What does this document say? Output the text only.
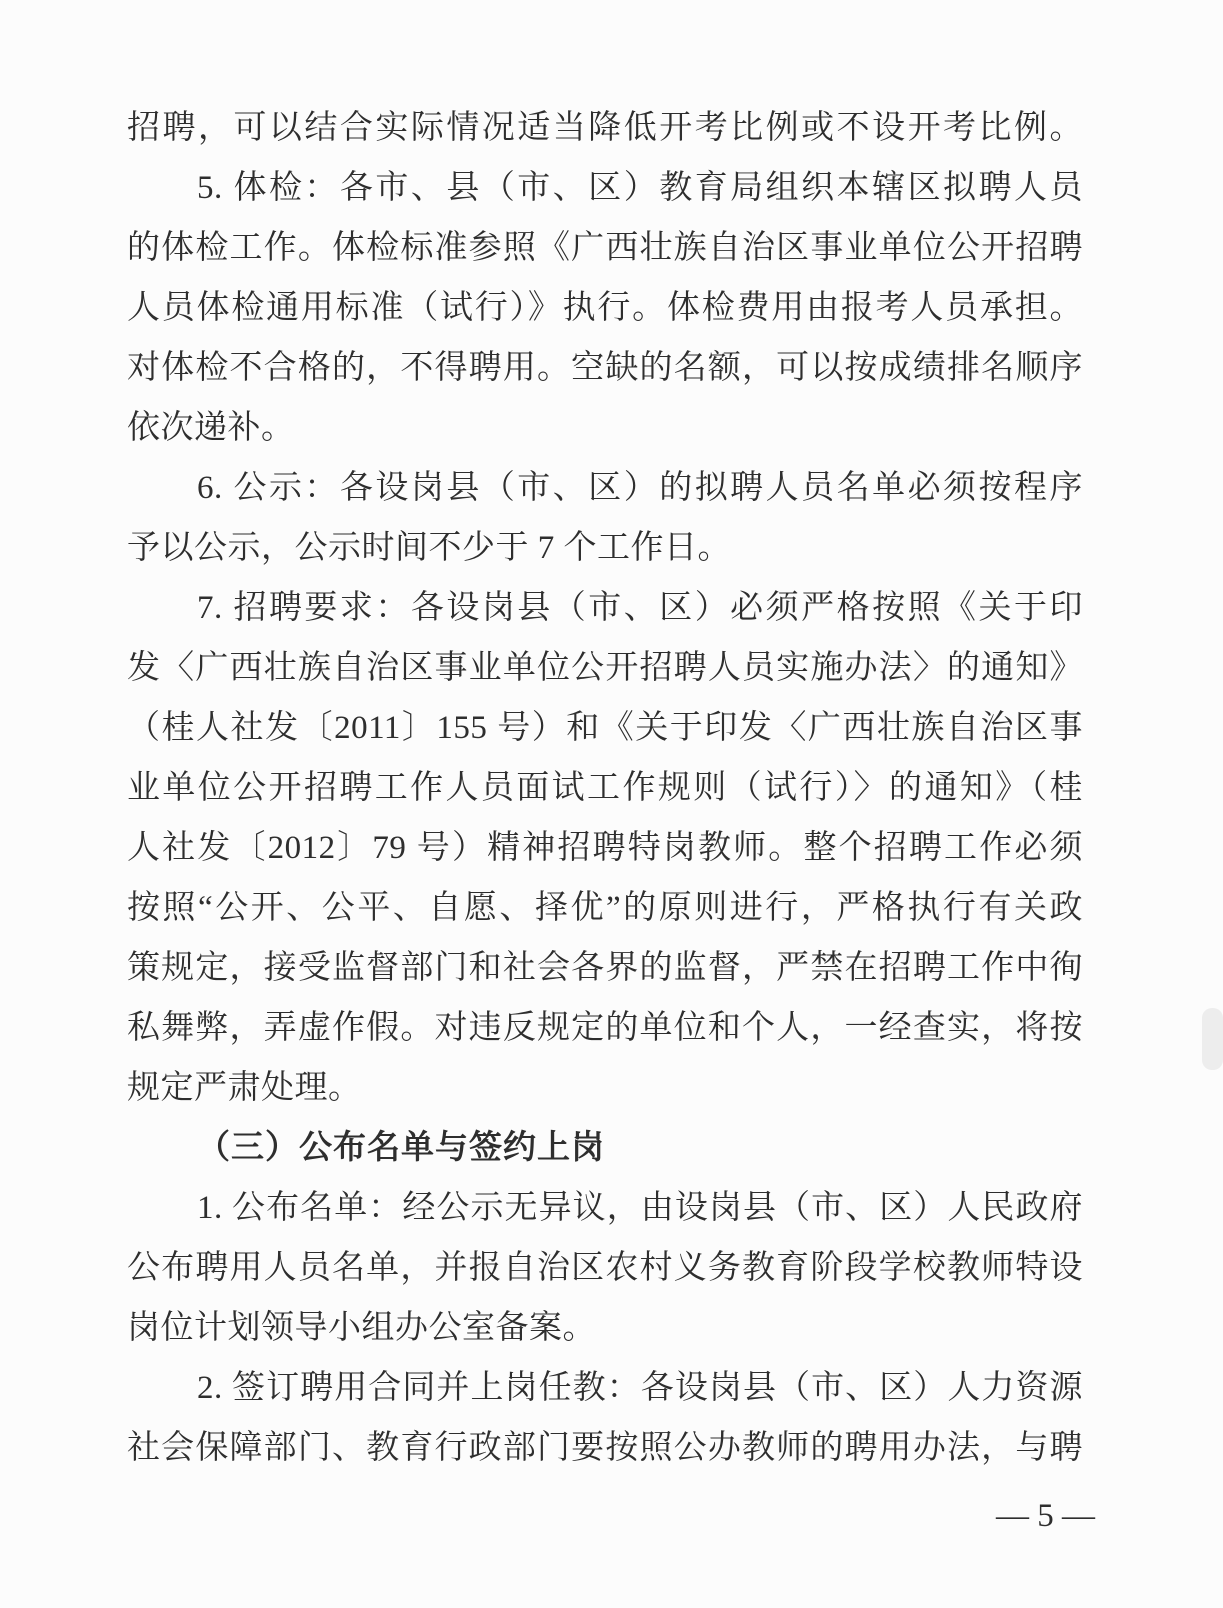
招聘，可以结合实际情况适当降低开考比例或不设开考比例。
5. 体检：各市、县（市、区）教育局组织本辖区拟聘人员
的体检工作。体检标准参照《广西壮族自治区事业单位公开招聘
人员体检通用标准（试行）》执行。体检费用由报考人员承担。
对体检不合格的，不得聘用。空缺的名额，可以按成绩排名顺序
依次递补。
6. 公示：各设岗县（市、区）的拟聘人员名单必须按程序
予以公示，公示时间不少于 7 个工作日。
7. 招聘要求：各设岗县（市、区）必须严格按照《关于印
发〈广西壮族自治区事业单位公开招聘人员实施办法〉的通知》
（桂人社发〔2011〕155 号）和《关于印发〈广西壮族自治区事
业单位公开招聘工作人员面试工作规则（试行）〉的通知》（桂
人社发〔2012〕79 号）精神招聘特岗教师。整个招聘工作必须
按照“公开、公平、自愿、择优”的原则进行，严格执行有关政
策规定，接受监督部门和社会各界的监督，严禁在招聘工作中徇
私舞弊，弄虚作假。对违反规定的单位和个人，一经查实，将按
规定严肃处理。
（三）公布名单与签约上岗
1. 公布名单：经公示无异议，由设岗县（市、区）人民政府
公布聘用人员名单，并报自治区农村义务教育阶段学校教师特设
岗位计划领导小组办公室备案。
2. 签订聘用合同并上岗任教：各设岗县（市、区）人力资源
社会保障部门、教育行政部门要按照公办教师的聘用办法，与聘
— 5 —
